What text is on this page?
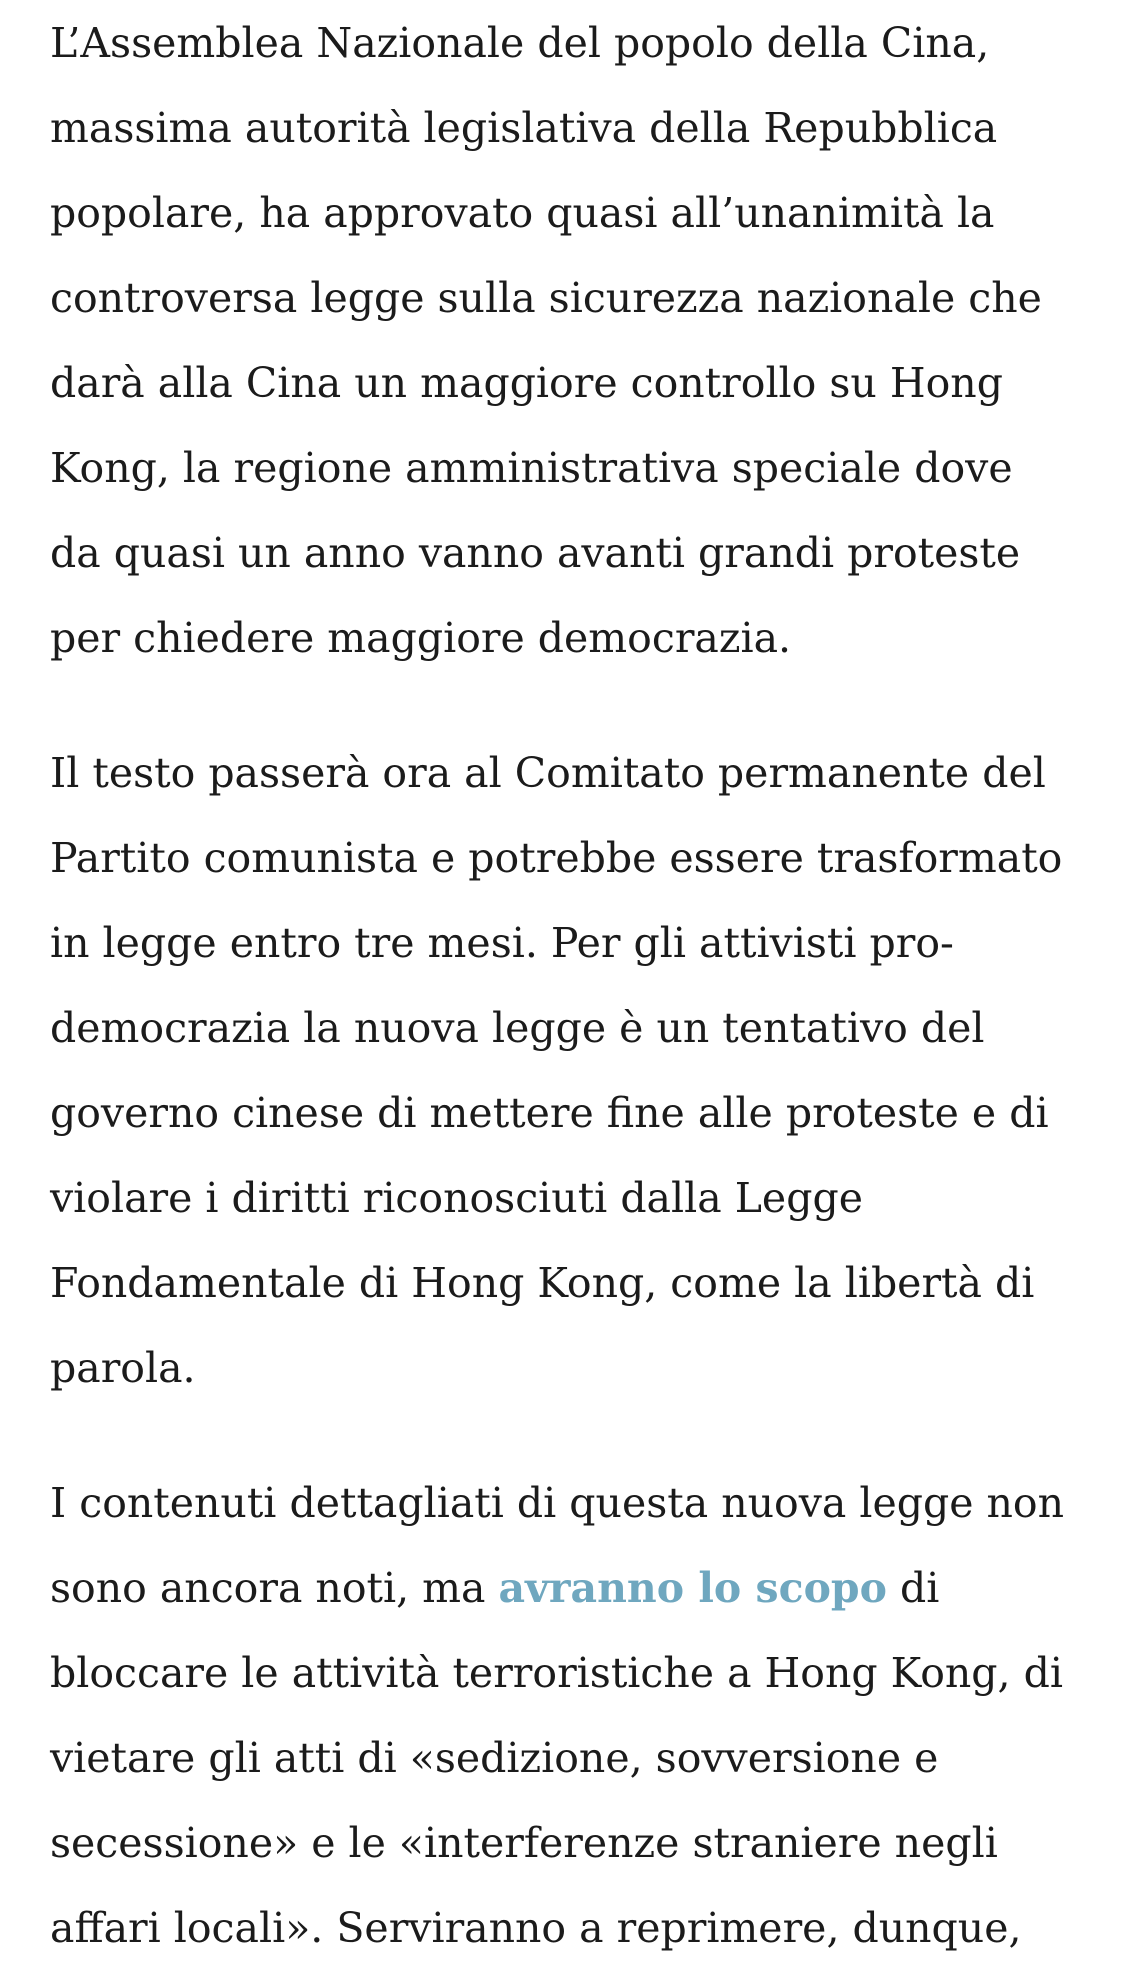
L’Assemblea Nazionale del popolo della Cina,
massima autorità legislativa della Repubblica
popolare, ha approvato quasi all’unanimità la
controversa legge sulla sicurezza nazionale che
darà alla Cina un maggiore controllo su Hong
Kong, la regione amministrativa speciale dove
da quasi un anno vanno avanti grandi proteste
per chiedere maggiore democrazia.

Il testo passerà ora al Comitato permanente del
Partito comunista e potrebbe essere trasformato
in legge entro tre mesi. Per gli attivisti pro-
democrazia la nuova legge è un tentativo del
governo cinese di mettere fine alle proteste e di
violare i diritti riconosciuti dalla Legge
Fondamentale di Hong Kong, come la libertà di
parola.

I contenuti dettagliati di questa nuova legge non
sono ancora noti, ma avranno lo scopo di
bloccare le attività terroristiche a Hong Kong, di
vietare gli atti di «sedizione, sovversione e
secessione» e le «interferenze straniere negli
affari locali». Serviranno a reprimere, dunque,
